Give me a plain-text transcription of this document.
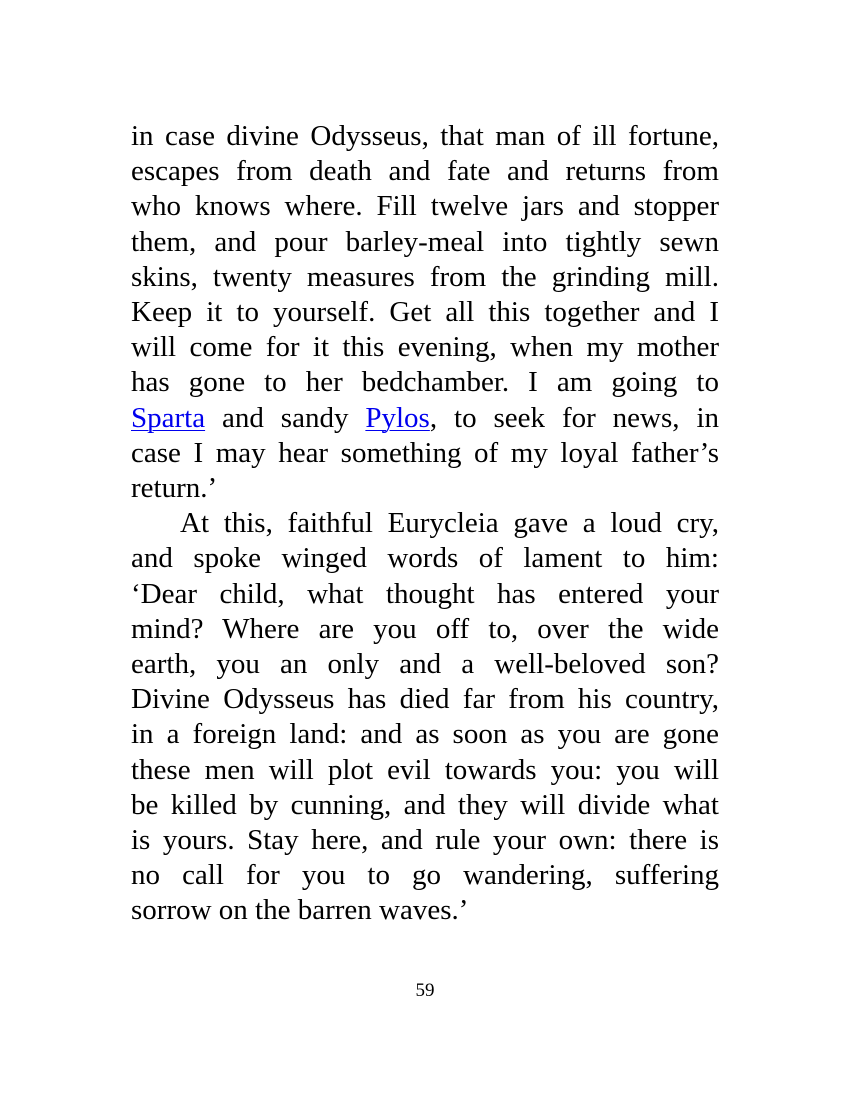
in case divine Odysseus, that man of ill fortune,
escapes from death and fate and returns from
who knows where. Fill twelve jars and stopper
them, and pour barley-meal into tightly sewn
skins, twenty measures from the grinding mill.
Keep it to yourself. Get all this together and I
will come for it this evening, when my mother
has gone to her bedchamber. I am going to
Sparta and sandy Pylos, to seek for news, in
case I may hear something of my loyal father’s
return.’
At this, faithful Eurycleia gave a loud cry,
and spoke winged words of lament to him:
‘Dear child, what thought has entered your
mind? Where are you off to, over the wide
earth, you an only and a well-beloved son?
Divine Odysseus has died far from his country,
in a foreign land: and as soon as you are gone
these men will plot evil towards you: you will
be killed by cunning, and they will divide what
is yours. Stay here, and rule your own: there is
no call for you to go wandering, suffering
sorrow on the barren waves.’
59
